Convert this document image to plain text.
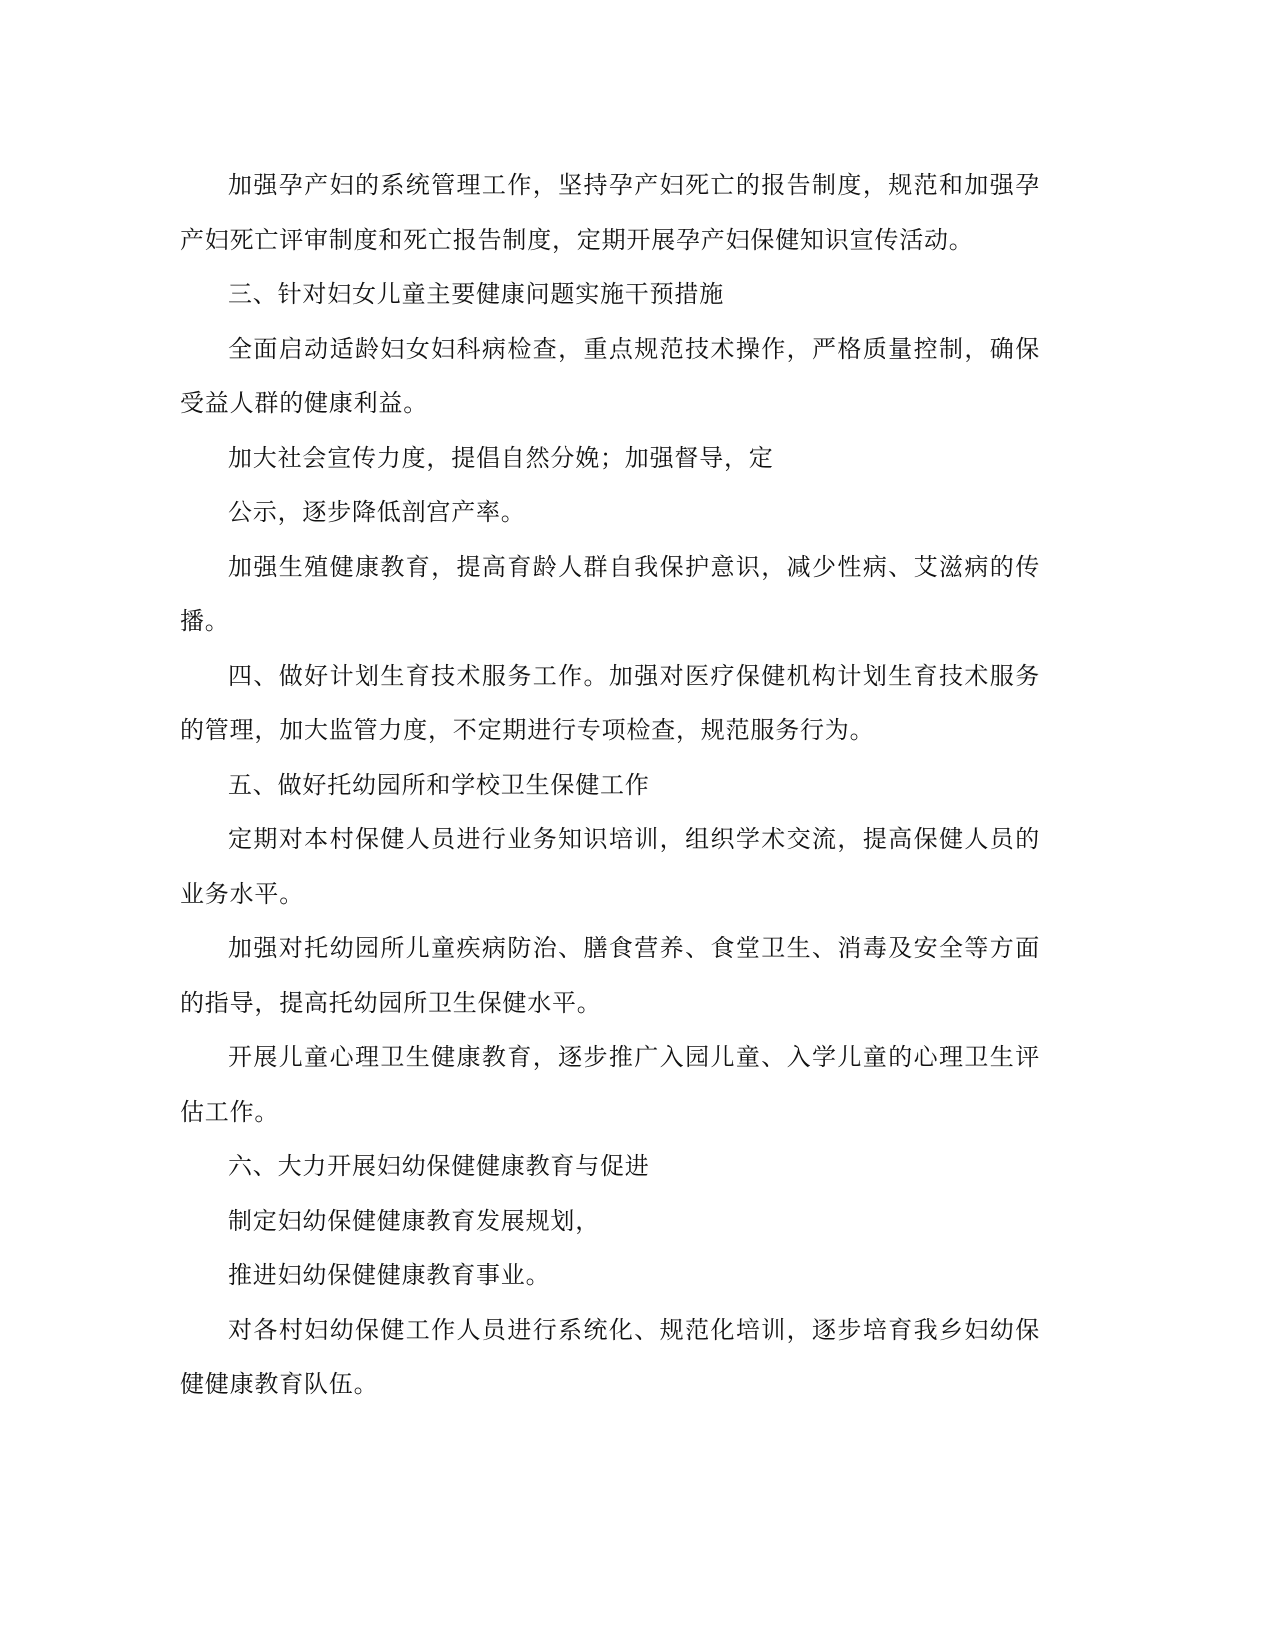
加强孕产妇的系统管理工作，坚持孕产妇死亡的报告制度，规范和加强孕产妇死亡评审制度和死亡报告制度，定期开展孕产妇保健知识宣传活动。

三、针对妇女儿童主要健康问题实施干预措施

全面启动适龄妇女妇科病检查，重点规范技术操作，严格质量控制，确保受益人群的健康利益。

加大社会宣传力度，提倡自然分娩；加强督导，定

公示，逐步降低剖宫产率。

加强生殖健康教育，提高育龄人群自我保护意识，减少性病、艾滋病的传播。

四、做好计划生育技术服务工作。加强对医疗保健机构计划生育技术服务的管理，加大监管力度，不定期进行专项检查，规范服务行为。

五、做好托幼园所和学校卫生保健工作

定期对本村保健人员进行业务知识培训，组织学术交流，提高保健人员的业务水平。

加强对托幼园所儿童疾病防治、膳食营养、食堂卫生、消毒及安全等方面的指导，提高托幼园所卫生保健水平。

开展儿童心理卫生健康教育，逐步推广入园儿童、入学儿童的心理卫生评估工作。

六、大力开展妇幼保健健康教育与促进

制定妇幼保健健康教育发展规划，

推进妇幼保健健康教育事业。

对各村妇幼保健工作人员进行系统化、规范化培训，逐步培育我乡妇幼保健健康教育队伍。
